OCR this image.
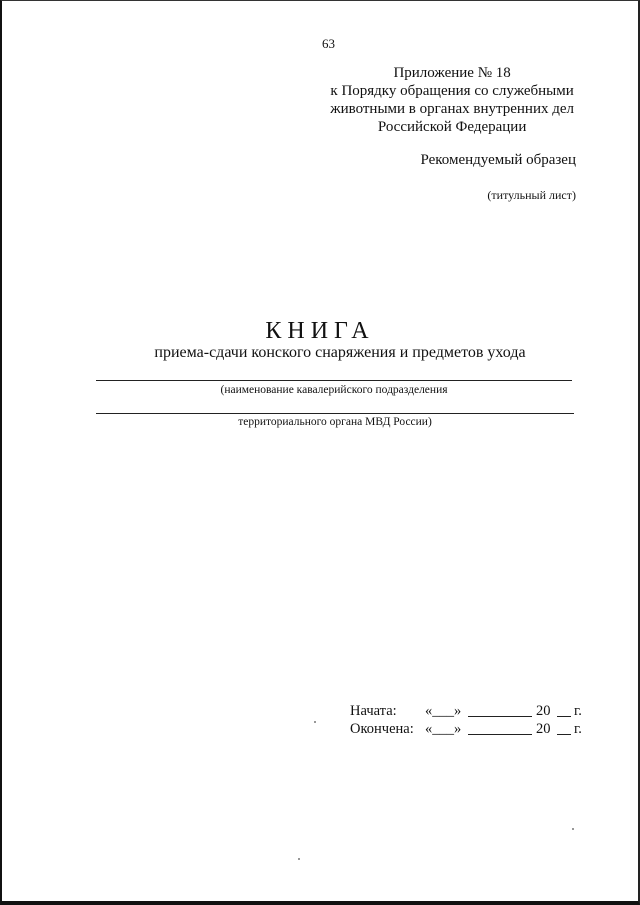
63
Приложение № 18
к Порядку обращения со служебными
животными в органах внутренних дел
Российской Федерации
Рекомендуемый образец
(титульный лист)
КНИГА
приема-сдачи конского снаряжения и предметов ухода
(наименование кавалерийского подразделения
территориального органа МВД России)
Начата: «___»	20 г.
Окончена: «___»	20 г.
